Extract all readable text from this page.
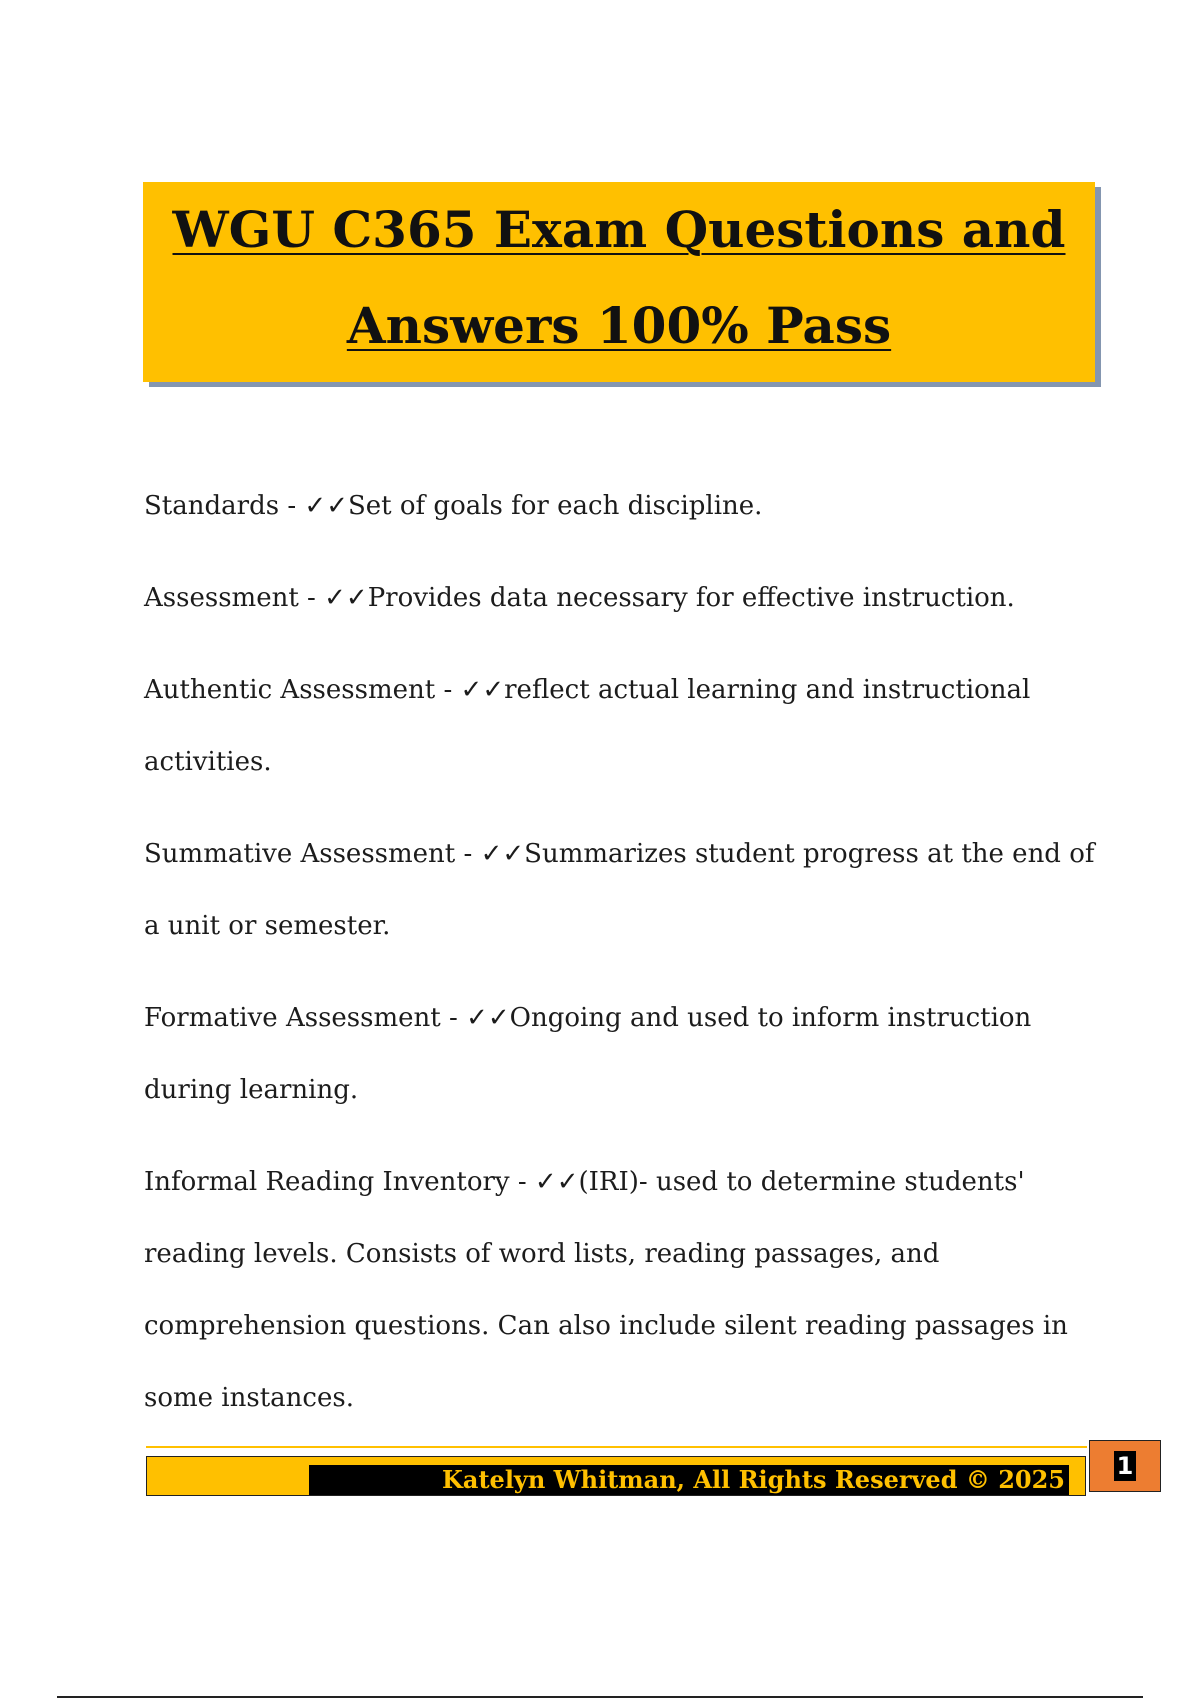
WGU C365 Exam Questions and
Answers 100% Pass
Standards - ✓✓Set of goals for each discipline.
Assessment - ✓✓Provides data necessary for effective instruction.
Authentic Assessment - ✓✓reflect actual learning and instructional activities.
Summative Assessment - ✓✓Summarizes student progress at the end of a unit or semester.
Formative Assessment - ✓✓Ongoing and used to inform instruction during learning.
Informal Reading Inventory - ✓✓(IRI)- used to determine students' reading levels. Consists of word lists, reading passages, and comprehension questions. Can also include silent reading passages in some instances.
Katelyn Whitman, All Rights Reserved © 2025	1
